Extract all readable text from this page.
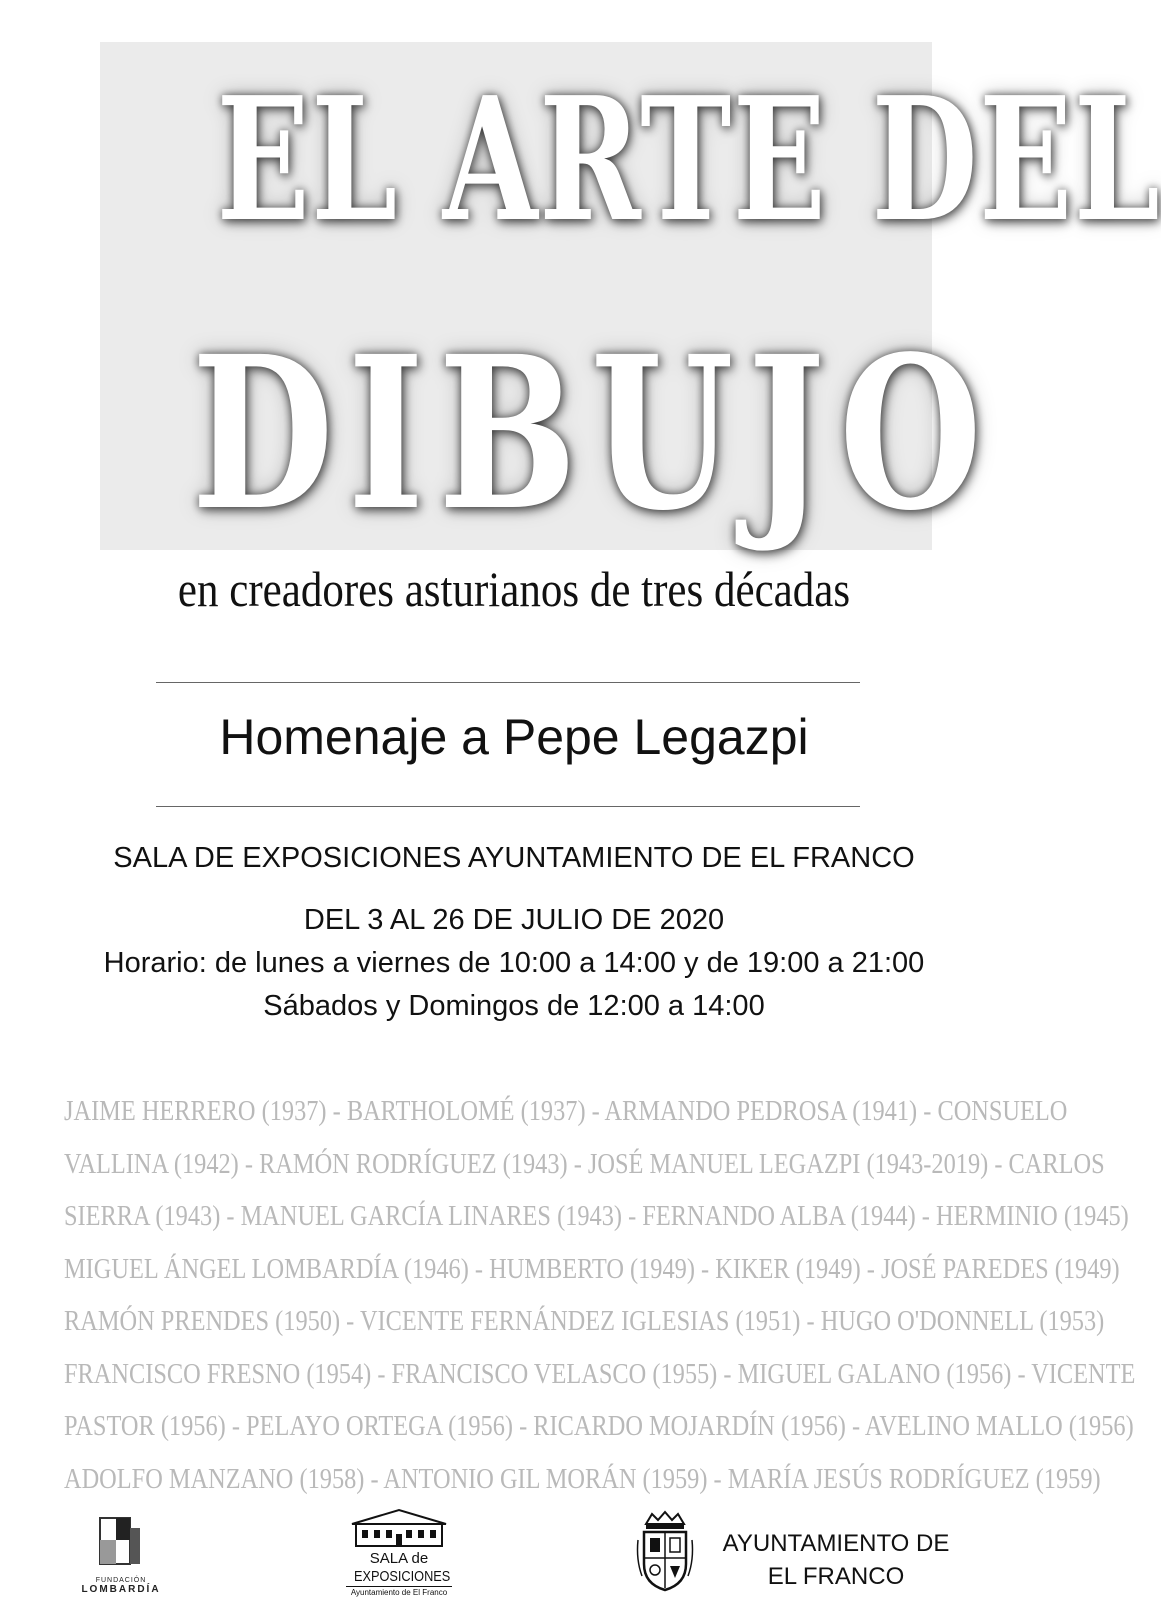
EL ARTE DEL
DIBUJO
en creadores asturianos de tres décadas
Homenaje a Pepe Legazpi
SALA DE EXPOSICIONES AYUNTAMIENTO DE EL FRANCO
DEL 3 AL 26 DE JULIO DE 2020
Horario: de lunes a viernes de 10:00 a 14:00 y de 19:00 a 21:00
Sábados y Domingos de 12:00 a 14:00
JAIME HERRERO (1937) - BARTHOLOMÉ (1937) - ARMANDO PEDROSA (1941) - CONSUELO
VALLINA (1942) - RAMÓN RODRÍGUEZ (1943) - JOSÉ MANUEL LEGAZPI (1943-2019) - CARLOS
SIERRA (1943) - MANUEL GARCÍA LINARES (1943) - FERNANDO ALBA (1944) - HERMINIO (1945)
MIGUEL ÁNGEL LOMBARDÍA (1946) - HUMBERTO (1949) - KIKER (1949) - JOSÉ PAREDES (1949)
RAMÓN PRENDES (1950) - VICENTE FERNÁNDEZ IGLESIAS (1951) - HUGO O'DONNELL (1953)
FRANCISCO FRESNO (1954) - FRANCISCO VELASCO (1955) - MIGUEL GALANO (1956) - VICENTE
PASTOR (1956) - PELAYO ORTEGA (1956) - RICARDO MOJARDÍN (1956) - AVELINO MALLO (1956)
ADOLFO MANZANO (1958) - ANTONIO GIL MORÁN (1959) - MARÍA JESÚS RODRÍGUEZ (1959)
FUNDACIÓN
LOMBARDÍA
SALA de
EXPOSICIONES
Ayuntamiento de El Franco
AYUNTAMIENTO DE
EL FRANCO
